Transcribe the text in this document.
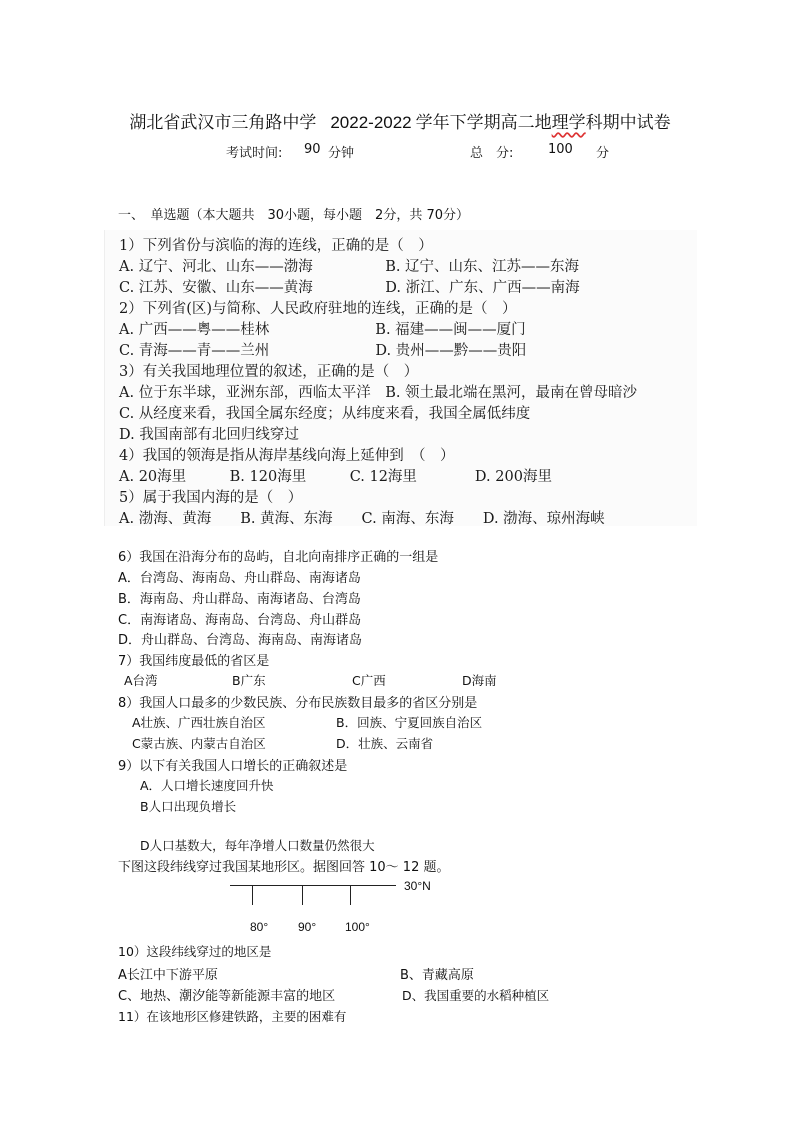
湖北省武汉市三角路中学 2022-2022 学年下学期高二地理学科期中试卷
考试时间: 90 分钟	总　分:	100 分
一、　单选题（本大题共　30小题，每小题　2分，共 70分）
1）下列省份与滨临的海的连线，正确的是（　）
A. 辽宁、河北、山东——渤海　　　　　B. 辽宁、山东、江苏——东海
C. 江苏、安徽、山东——黄海　　　　　D. 浙江、广东、广西——南海
2）下列省(区)与简称、人民政府驻地的连线，正确的是（　）
A. 广西——粤——桂林　　　　　　　 B. 福建——闽——厦门
C. 青海——青——兰州　　　　　　　 D. 贵州——黔——贵阳
3）有关我国地理位置的叙述，正确的是（　）
A. 位于东半球，亚洲东部，西临太平洋　B. 领土最北端在黑河，最南在曾母暗沙
C. 从经度来看，我国全属东经度；从纬度来看，我国全属低纬度
D. 我国南部有北回归线穿过
4）我国的领海是指从海岸基线向海上延伸到　（　）
A. 20海里　　　B. 120海里　　　C. 12海里　　　　D. 200海里
5）属于我国内海的是（　）
A. 渤海、黄海　　B. 黄海、东海　　C. 南海、东海　　D. 渤海、琼州海峡
6）我国在沿海分布的岛屿，自北向南排序正确的一组是
A．台湾岛、海南岛、舟山群岛、南海诸岛
B．海南岛、舟山群岛、南海诸岛、台湾岛
C．南海诸岛、海南岛、台湾岛、舟山群岛
D．舟山群岛、台湾岛、海南岛、南海诸岛
7）我国纬度最低的省区是
A台湾	B广东	C广西	D海南
8）我国人口最多的少数民族、分布民族数目最多的省区分别是
A壮族、广西壮族自治区	B．回族、宁夏回族自治区
C蒙古族、内蒙古自治区	D．壮族、云南省
9）以下有关我国人口增长的正确叙述是
A．人口增长速度回升快
B人口出现负增长
D人口基数大，每年净增人口数量仍然很大
下图这段纬线穿过我国某地形区。据图回答 10～ 12 题。
30°N
80° 90° 100°
10）这段纬线穿过的地区是
A长江中下游平原	B、青藏高原
C、地热、潮汐能等新能源丰富的地区	D、我国重要的水稻种植区
11）在该地形区修建铁路，主要的困难有
